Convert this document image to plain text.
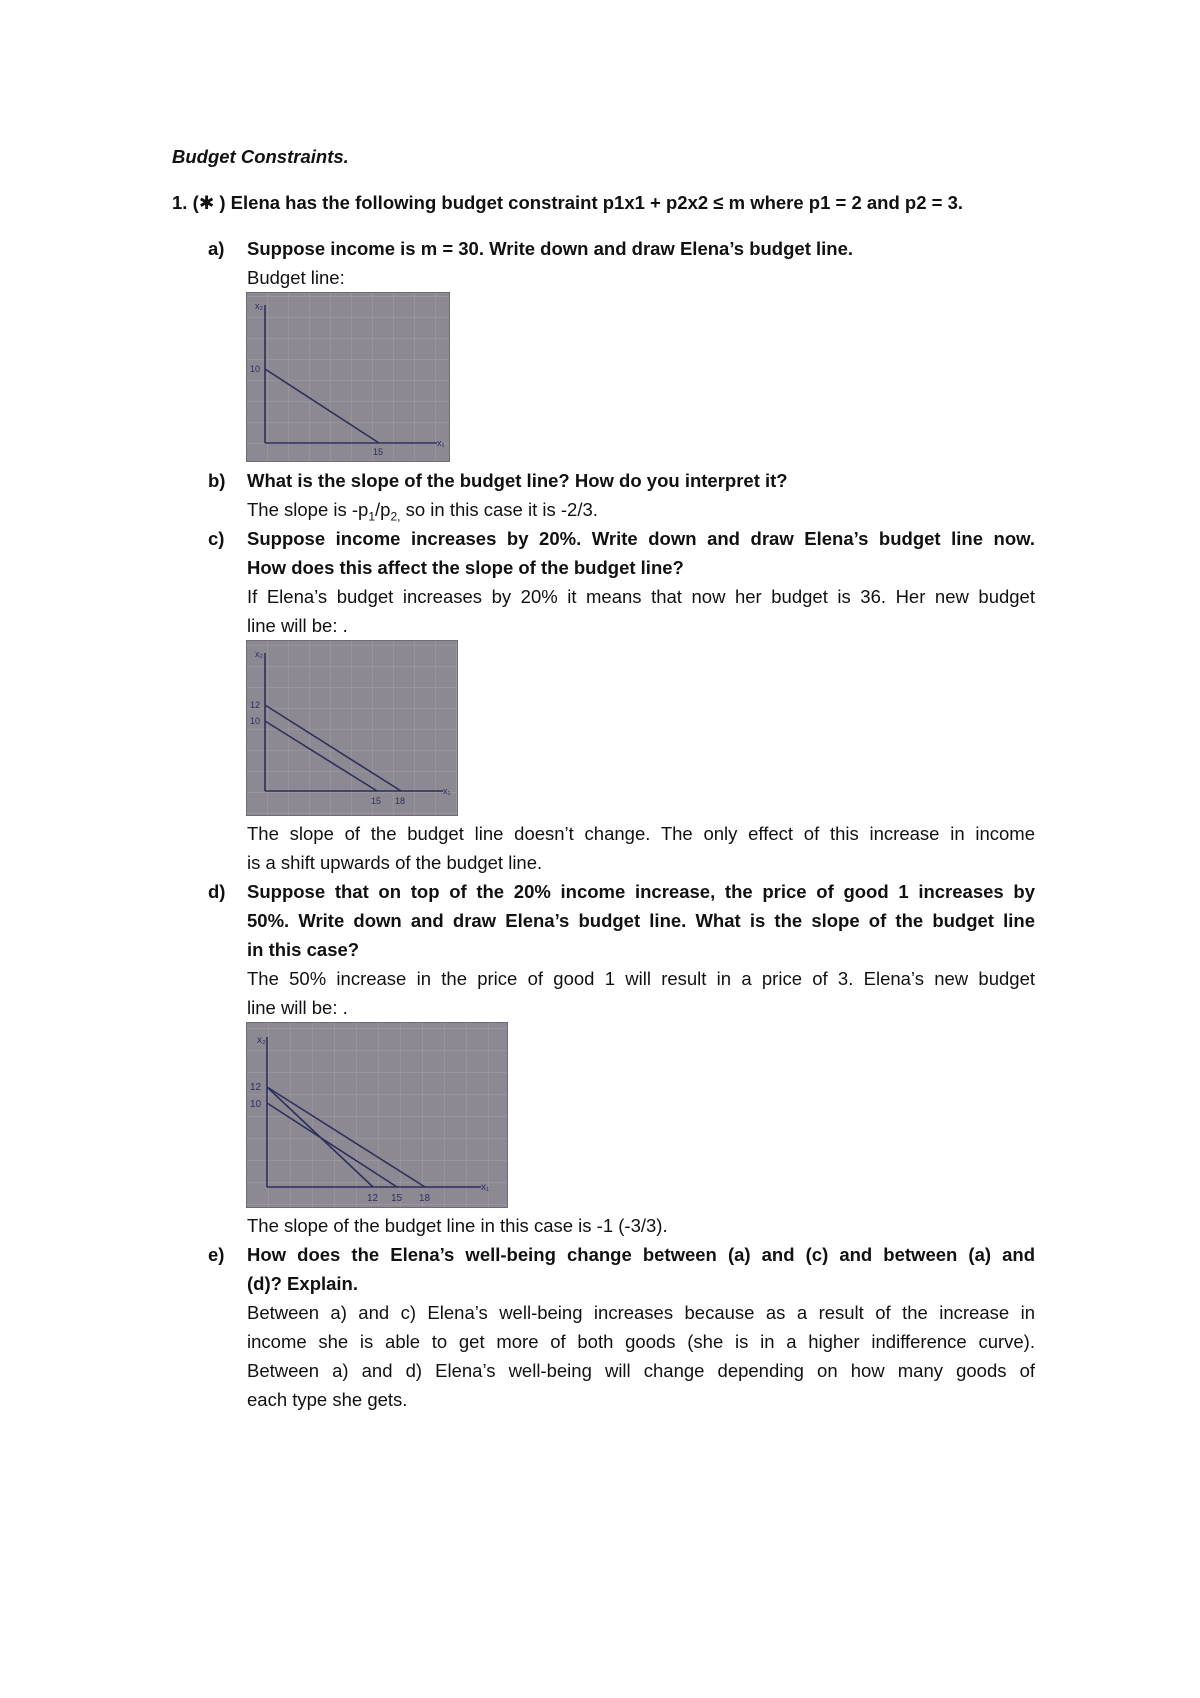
Budget Constraints.
1. (✱ ) Elena has the following budget constraint p1x1 + p2x2 ≤ m where p1 = 2 and p2 = 3.
a) Suppose income is m = 30. Write down and draw Elena’s budget line.
Budget line:
x₂
x₁
10
15
b) What is the slope of the budget line? How do you interpret it?
The slope is $-p_1/p_{2,}$ so in this case it is -2/3.
c) Suppose income increases by 20%. Write down and draw Elena’s budget line now.
How does this affect the slope of the budget line?
If Elena’s budget increases by 20% it means that now her budget is 36. Her new budget
line will be: .
x₂
x₁
12
10
15 18
The slope of the budget line doesn’t change. The only effect of this increase in income
is a shift upwards of the budget line.
d) Suppose that on top of the 20% income increase, the price of good 1 increases by
50%. Write down and draw Elena’s budget line. What is the slope of the budget line
in this case?
The 50% increase in the price of good 1 will result in a price of 3. Elena’s new budget
line will be: .
x₂
x₁
12
10
12 15 18
The slope of the budget line in this case is -1 (-3/3).
e) How does the Elena’s well-being change between (a) and (c) and between (a) and
(d)? Explain.
Between a) and c) Elena’s well-being increases because as a result of the increase in
income she is able to get more of both goods (she is in a higher indifference curve).
Between a) and d) Elena’s well-being will change depending on how many goods of
each type she gets.
